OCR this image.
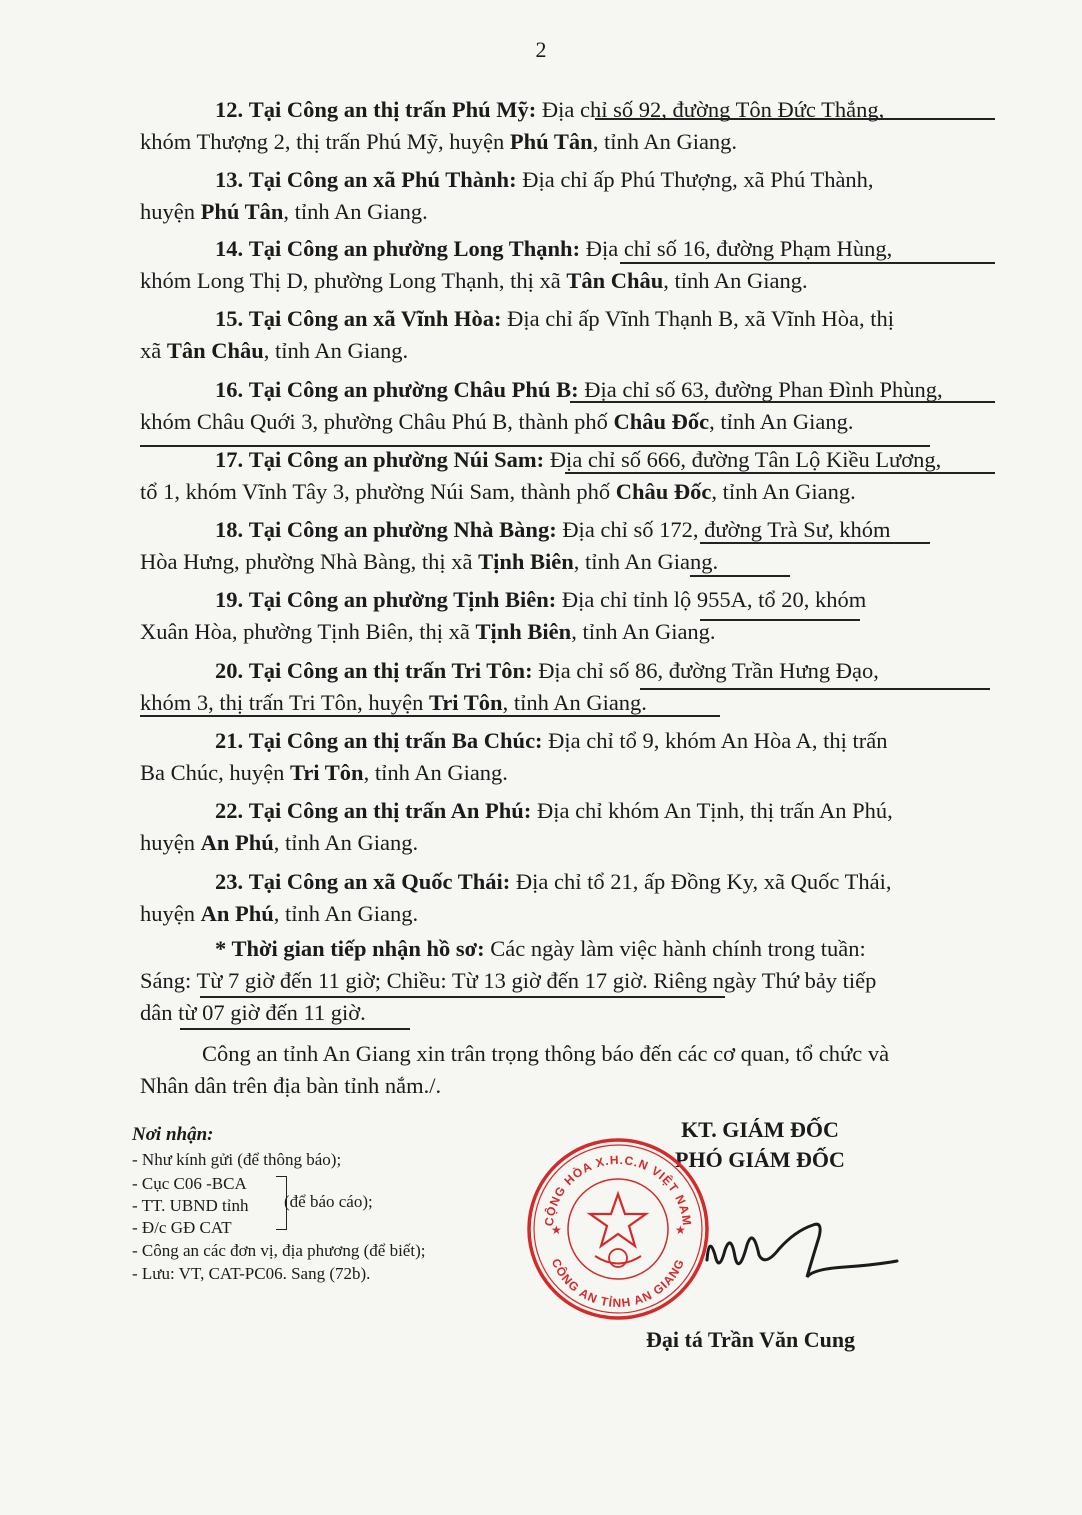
2
12. Tại Công an thị trấn Phú Mỹ: Địa chỉ số 92, đường Tôn Đức Thắng,
khóm Thượng 2, thị trấn Phú Mỹ, huyện Phú Tân, tỉnh An Giang.
13. Tại Công an xã Phú Thành: Địa chỉ ấp Phú Thượng, xã Phú Thành,
huyện Phú Tân, tỉnh An Giang.
14. Tại Công an phường Long Thạnh: Địa chỉ số 16, đường Phạm Hùng,
khóm Long Thị D, phường Long Thạnh, thị xã Tân Châu, tỉnh An Giang.
15. Tại Công an xã Vĩnh Hòa: Địa chỉ ấp Vĩnh Thạnh B, xã Vĩnh Hòa, thị
xã Tân Châu, tỉnh An Giang.
16. Tại Công an phường Châu Phú B: Địa chỉ số 63, đường Phan Đình Phùng,
khóm Châu Quới 3, phường Châu Phú B, thành phố Châu Đốc, tỉnh An Giang.
17. Tại Công an phường Núi Sam: Địa chỉ số 666, đường Tân Lộ Kiều Lương,
tổ 1, khóm Vĩnh Tây 3, phường Núi Sam, thành phố Châu Đốc, tỉnh An Giang.
18. Tại Công an phường Nhà Bàng: Địa chỉ số 172, đường Trà Sư, khóm
Hòa Hưng, phường Nhà Bàng, thị xã Tịnh Biên, tỉnh An Giang.
19. Tại Công an phường Tịnh Biên: Địa chỉ tỉnh lộ 955A, tổ 20, khóm
Xuân Hòa, phường Tịnh Biên, thị xã Tịnh Biên, tỉnh An Giang.
20. Tại Công an thị trấn Tri Tôn: Địa chỉ số 86, đường Trần Hưng Đạo,
khóm 3, thị trấn Tri Tôn, huyện Tri Tôn, tỉnh An Giang.
21. Tại Công an thị trấn Ba Chúc: Địa chỉ tổ 9, khóm An Hòa A, thị trấn
Ba Chúc, huyện Tri Tôn, tỉnh An Giang.
22. Tại Công an thị trấn An Phú: Địa chỉ khóm An Tịnh, thị trấn An Phú,
huyện An Phú, tỉnh An Giang.
23. Tại Công an xã Quốc Thái: Địa chỉ tổ 21, ấp Đồng Ky, xã Quốc Thái,
huyện An Phú, tỉnh An Giang.
* Thời gian tiếp nhận hồ sơ: Các ngày làm việc hành chính trong tuần:
Sáng: Từ 7 giờ đến 11 giờ; Chiều: Từ 13 giờ đến 17 giờ. Riêng ngày Thứ bảy tiếp
dân từ 07 giờ đến 11 giờ.
Công an tỉnh An Giang xin trân trọng thông báo đến các cơ quan, tổ chức và
Nhân dân trên địa bàn tỉnh nắm./.
Nơi nhận:
- Như kính gửi (để thông báo);
- Cục C06 -BCA
- TT. UBND tỉnh
- Đ/c GĐ CAT
- Công an các đơn vị, địa phương (để biết);
- Lưu: VT, CAT-PC06. Sang (72b).
(để báo cáo);
KT. GIÁM ĐỐC
PHÓ GIÁM ĐỐC
CỘNG HÒA X.H.C.N VIỆT NAM
CÔNG AN TỈNH AN GIANG
★	★
Đại tá Trần Văn Cung
